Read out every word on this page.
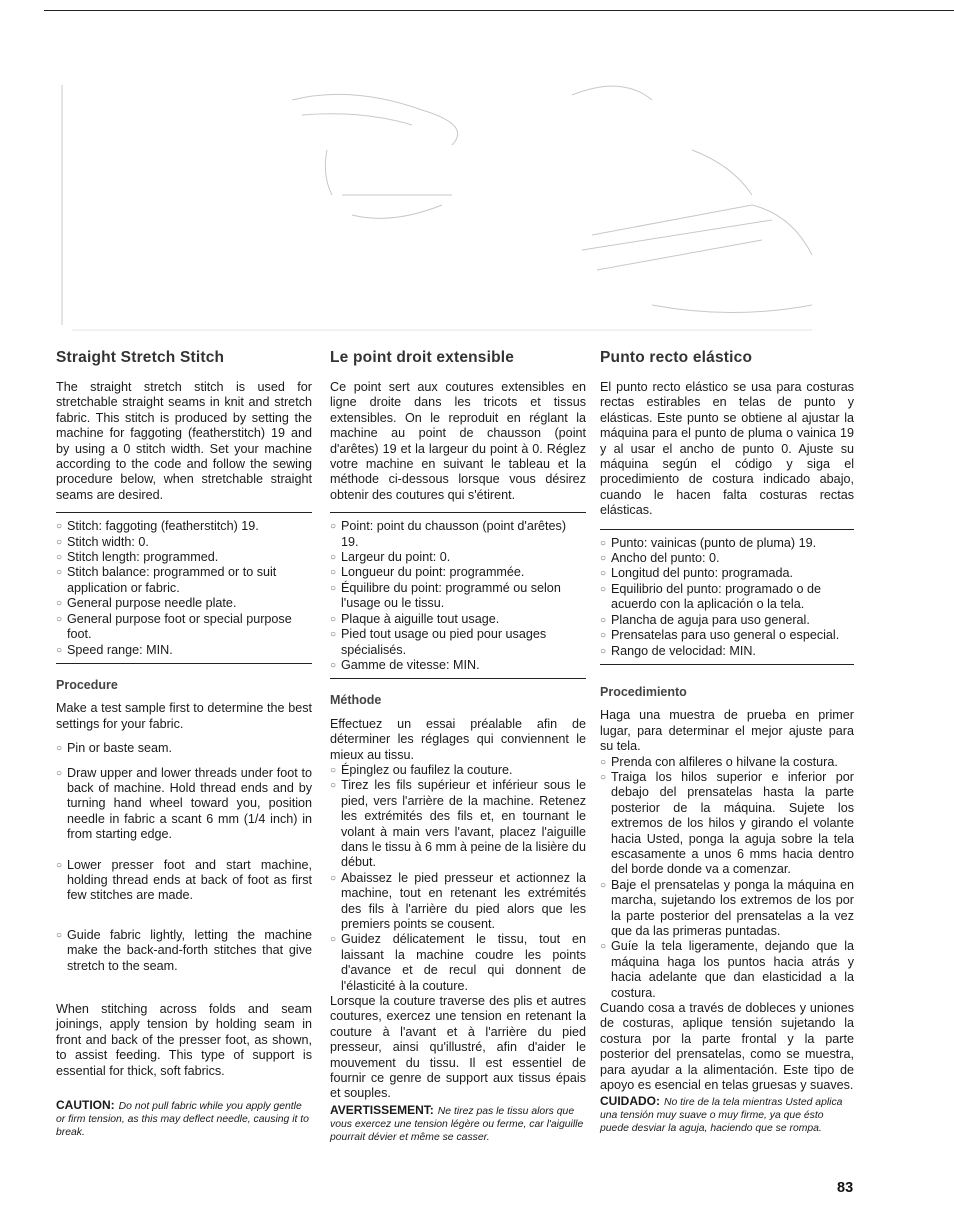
Straight Stretch Stitch

The straight stretch stitch is used for stretchable straight seams in knit and stretch fabric. This stitch is produced by setting the machine for faggoting (featherstitch) 19 and by using a 0 stitch width. Set your machine according to the code and follow the sewing procedure below, when stretchable straight seams are desired.

○ Stitch: faggoting (featherstitch) 19.
○ Stitch width: 0.
○ Stitch length: programmed.
○ Stitch balance: programmed or to suit application or fabric.
○ General purpose needle plate.
○ General purpose foot or special purpose foot.
○ Speed range: MIN.
Procedure

Make a test sample first to determine the best settings for your fabric.

○ Pin or baste seam.
○ Draw upper and lower threads under foot to back of machine. Hold thread ends and by turning hand wheel toward you, position needle in fabric a scant 6 mm (1/4 inch) in from starting edge.
○ Lower presser foot and start machine, holding thread ends at back of foot as first few stitches are made.
○ Guide fabric lightly, letting the machine make the back-and-forth stitches that give stretch to the seam.

When stitching across folds and seam joinings, apply tension by holding seam in front and back of the presser foot, as shown, to assist feeding. This type of support is essential for thick, soft fabrics.

CAUTION: Do not pull fabric while you apply gentle or firm tension, as this may deflect needle, causing it to break.

Le point droit extensible

Ce point sert aux coutures extensibles en ligne droite dans les tricots et tissus extensibles. On le reproduit en réglant la machine au point de chausson (point d'arêtes) 19 et la largeur du point à 0. Réglez votre machine en suivant le tableau et la méthode ci-dessous lorsque vous désirez obtenir des coutures qui s'étirent.

○ Point: point du chausson (point d'arêtes) 19.
○ Largeur du point: 0.
○ Longueur du point: programmée.
○ Équilibre du point: programmé ou selon l'usage ou le tissu.
○ Plaque à aiguille tout usage.
○ Pied tout usage ou pied pour usages spécialisés.
○ Gamme de vitesse: MIN.
Méthode

Effectuez un essai préalable afin de déterminer les réglages qui conviennent le mieux au tissu.

○ Épinglez ou faufilez la couture.
○ Tirez les fils supérieur et inférieur sous le pied, vers l'arrière de la machine. Retenez les extrémités des fils et, en tournant le volant à main vers l'avant, placez l'aiguille dans le tissu à 6 mm à peine de la lisière du début.
○ Abaissez le pied presseur et actionnez la machine, tout en retenant les extrémités des fils à l'arrière du pied alors que les premiers points se cousent.
○ Guidez délicatement le tissu, tout en laissant la machine coudre les points d'avance et de recul qui donnent de l'élasticité à la couture.

Lorsque la couture traverse des plis et autres coutures, exercez une tension en retenant la couture à l'avant et à l'arrière du pied presseur, ainsi qu'illustré, afin d'aider le mouvement du tissu. Il est essentiel de fournir ce genre de support aux tissus épais et souples.

AVERTISSEMENT: Ne tirez pas le tissu alors que vous exercez une tension légère ou ferme, car l'aiguille pourrait dévier et même se casser.

Punto recto elástico

El punto recto elástico se usa para costuras rectas estirables en telas de punto y elásticas. Este punto se obtiene al ajustar la máquina para el punto de pluma o vainica 19 y al usar el ancho de punto 0. Ajuste su máquina según el código y siga el procedimiento de costura indicado abajo, cuando le hacen falta costuras rectas elásticas.

○ Punto: vainicas (punto de pluma) 19.
○ Ancho del punto: 0.
○ Longitud del punto: programada.
○ Equilibrio del punto: programado o de acuerdo con la aplicación o la tela.
○ Plancha de aguja para uso general.
○ Prensatelas para uso general o especial.
○ Rango de velocidad: MIN.
Procedimiento

Haga una muestra de prueba en primer lugar, para determinar el mejor ajuste para su tela.

○ Prenda con alfileres o hilvane la costura.
○ Traiga los hilos superior e inferior por debajo del prensatelas hasta la parte posterior de la máquina. Sujete los extremos de los hilos y girando el volante hacia Usted, ponga la aguja sobre la tela escasamente a unos 6 mms hacia dentro del borde donde va a comenzar.
○ Baje el prensatelas y ponga la máquina en marcha, sujetando los extremos de los por la parte posterior del prensatelas a la vez que da las primeras puntadas.
○ Guíe la tela ligeramente, dejando que la máquina haga los puntos hacia atrás y hacia adelante que dan elasticidad a la costura.

Cuando cosa a través de dobleces y uniones de costuras, aplique tensión sujetando la costura por la parte frontal y la parte posterior del prensatelas, como se muestra, para ayudar a la alimentación. Este tipo de apoyo es esencial en telas gruesas y suaves.

CUIDADO: No tire de la tela mientras Usted aplica una tensión muy suave o muy firme, ya que ésto puede desviar la aguja, haciendo que se rompa.

83
